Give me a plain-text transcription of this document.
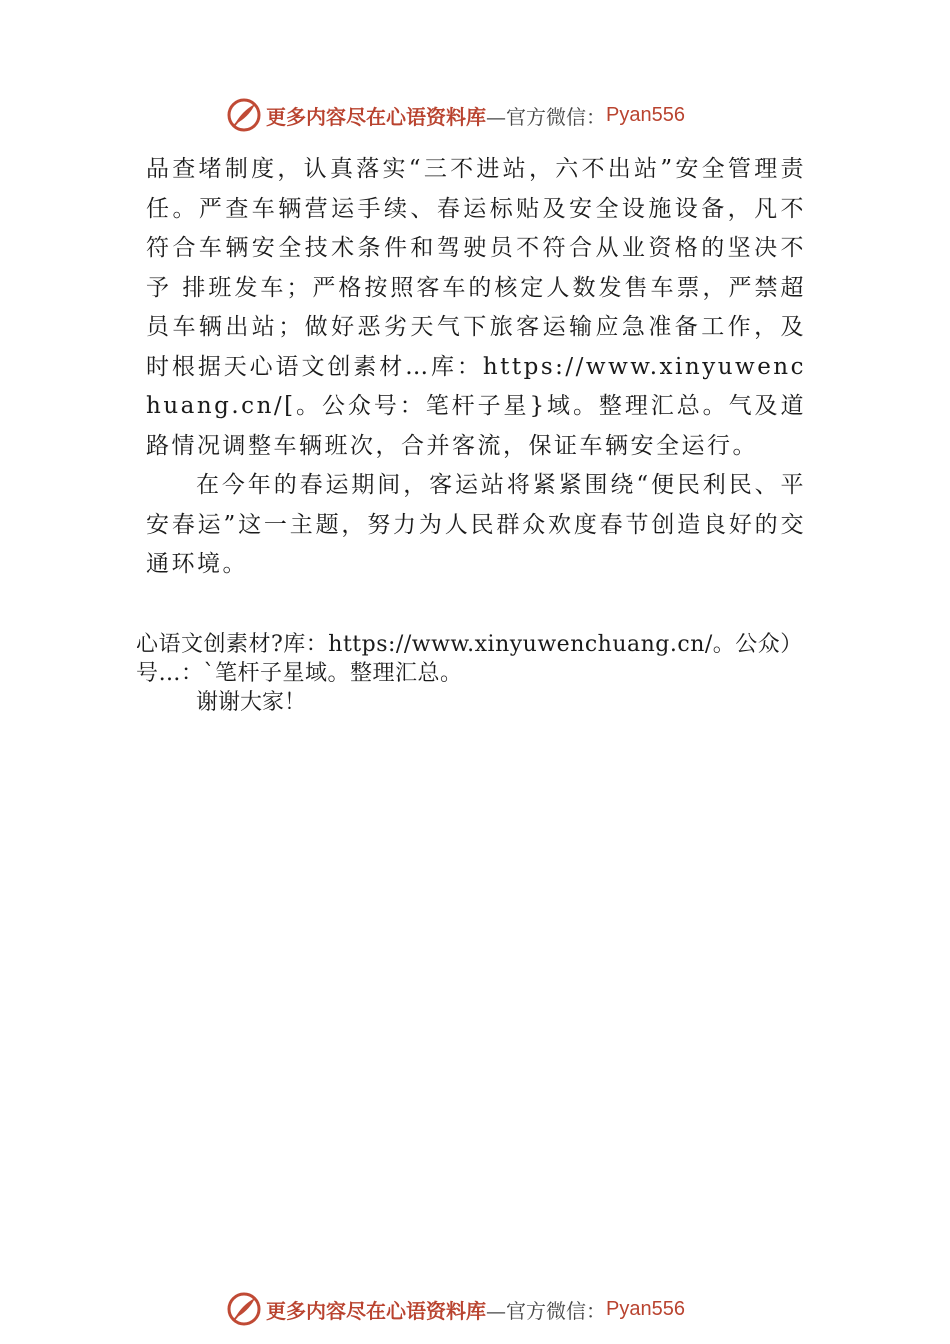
更多内容尽在心语资料库 —官方微信： Pyan556

品查堵制度，认真落实“三不进站，六不出站”安全管理责任。严查车辆营运手续、春运标贴及安全设施设备，凡不符合车辆安全技术条件和驾驶员不符合从业资格的坚决不予 排班发车；严格按照客车的核定人数发售车票，严禁超员车辆出站；做好恶劣天气下旅客运输应急准备工作，及时根据天心语文创素材…库：https://www.xinyuwenchuang.cn/[。公众号：笔杆子星}域。整理汇总。气及道路情况调整车辆班次，合并客流，保证车辆安全运行。

在今年的春运期间，客运站将紧紧围绕“便民利民、平安春运”这一主题，努力为人民群众欢度春节创造良好的交通环境。

心语文创素材?库：https://www.xinyuwenchuang.cn/。公众）号…：`笔杆子星域。整理汇总。

谢谢大家！

更多内容尽在心语资料库 —官方微信： Pyan556
